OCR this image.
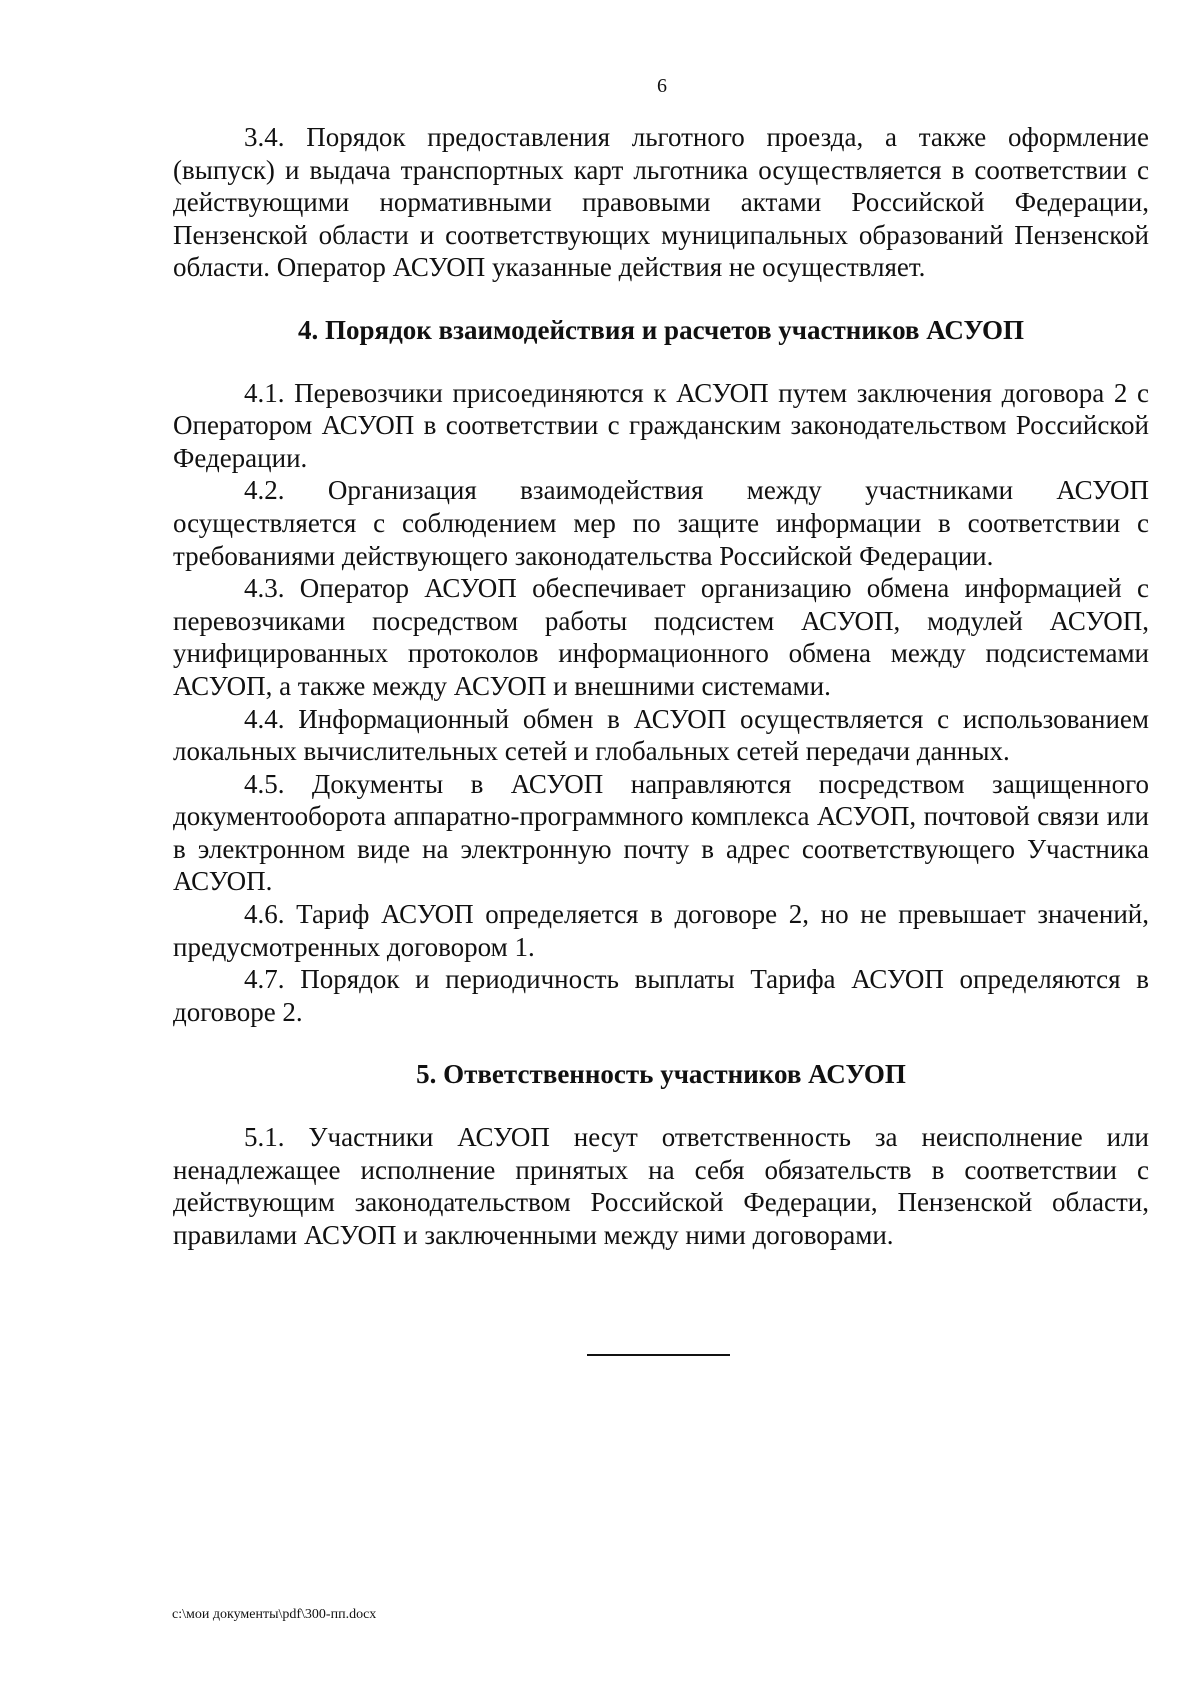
6

3.4. Порядок предоставления льготного проезда, а также оформление (выпуск) и выдача транспортных карт льготника осуществляется в соответствии с действующими нормативными правовыми актами Российской Федерации, Пензенской области и соответствующих муниципальных образований Пензенской области. Оператор АСУОП указанные действия не осуществляет.

4. Порядок взаимодействия и расчетов участников АСУОП

4.1. Перевозчики присоединяются к АСУОП путем заключения договора 2 с Оператором АСУОП в соответствии с гражданским законодательством Российской Федерации.

4.2. Организация взаимодействия между участниками АСУОП осуществляется с соблюдением мер по защите информации в соответствии с требованиями действующего законодательства Российской Федерации.

4.3. Оператор АСУОП обеспечивает организацию обмена информацией с перевозчиками посредством работы подсистем АСУОП, модулей АСУОП, унифицированных протоколов информационного обмена между подсистемами АСУОП, а также между АСУОП и внешними системами.

4.4. Информационный обмен в АСУОП осуществляется с использованием локальных вычислительных сетей и глобальных сетей передачи данных.

4.5. Документы в АСУОП направляются посредством защищенного документооборота аппаратно-программного комплекса АСУОП, почтовой связи или в электронном виде на электронную почту в адрес соответствующего Участника АСУОП.

4.6. Тариф АСУОП определяется в договоре 2, но не превышает значений, предусмотренных договором 1.

4.7. Порядок и периодичность выплаты Тарифа АСУОП определяются в договоре 2.

5. Ответственность участников АСУОП

5.1. Участники АСУОП несут ответственность за неисполнение или ненадлежащее исполнение принятых на себя обязательств в соответствии с действующим законодательством Российской Федерации, Пензенской области, правилами АСУОП и заключенными между ними договорами.

c:\мои документы\pdf\300-пп.docx
